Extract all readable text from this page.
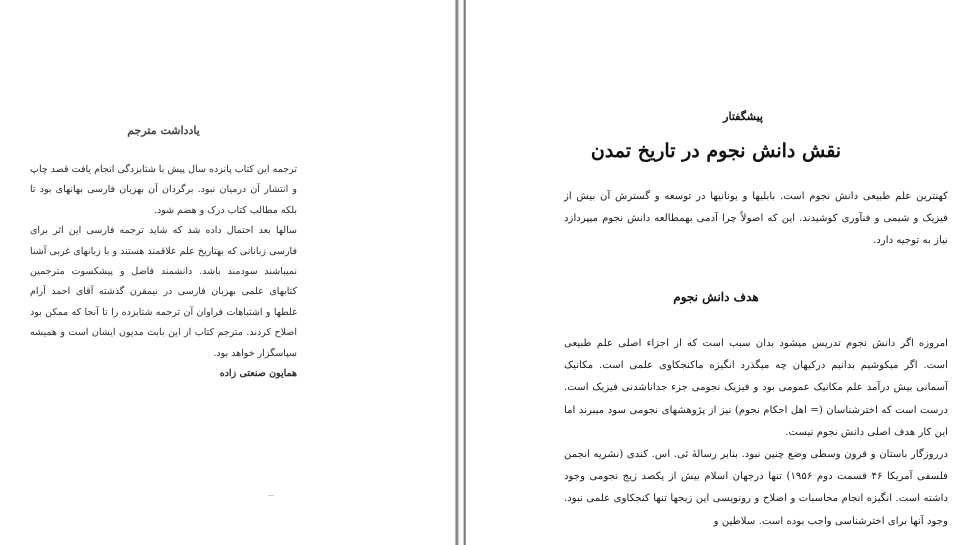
یادداشت مترجم

ترجمه این کتاب پانزده سال پیش با شتابزدگی انجام یافت قصد چاپ و انتشار آن درمیان نبود. برگردان آن بهزبان فارسی بهانهای بود تا بلکه مطالب کتاب درک و هضم شود.

سالها بعد احتمال داده شد که شاید ترجمه فارسی این اثر برای فارسی زبانانی که بهتاریخ علم علاقمند هستند و با زبانهای غربی آشنا نمیباشند سودمند باشد. دانشمند فاضل و پیشکسوت مترجمین کتابهای علمی بهزبان فارسی در نیمقرن گذشته آقای احمد آرام غلطها و اشتباهات فراوان آن ترجمه شتابزده را تا آنجا که ممکن بود اصلاح کردند. مترجم کتاب از این بابت مدیون ایشان است و همیشه سپاسگزار خواهد بود.

همایون صنعتی زاده
پیشگفتار
نقش دانش نجوم در تاریخ تمدن

کهنترین علم طبیعی دانش نجوم است. بابلیها و یونانیها در توسعه و گسترش آن بیش از فیزیک و شیمی و فنآوری کوشیدند. این که اصولاً چرا آدمی بهمطالعه دانش نجوم میپردازد نیاز به توجیه دارد.

هدف دانش نجوم

امروزه اگر دانش نجوم تدریس میشود بدان سبب است که از اجزاء اصلی علم طبیعی است. اگر میکوشیم بدانیم درکیهان چه میگذرد انگیزه ماکنجکاوی علمی است. مکانیک آسمانی بیش درآمد علم مکانیک عمومی بود و فیزیک نجومی جزء جداناشدنی فیزیک است. درست است که اخترشناسان (= اهل احکام نجوم) نیز از پژوهشهای نجومی سود میبرند اما این کار هدف اصلی دانش نجوم نیست.

درروزگار باستان و قرون وسطی وضع چنین نبود. بنابر رسالهٔ ئی. اس. کندی (نشریه انجمن فلسفی آمریکا ۴۶ قسمت دوم ۱۹۵۶) تنها درجهان اسلام بیش از یکصد زیج نجومی وجود داشته است. انگیزه انجام محاسبات و اصلاح و رونویسی این زیجها تنها کنجکاوی علمی نبود. وجود آنها برای اخترشناسی واجب بوده است. سلاطین و
